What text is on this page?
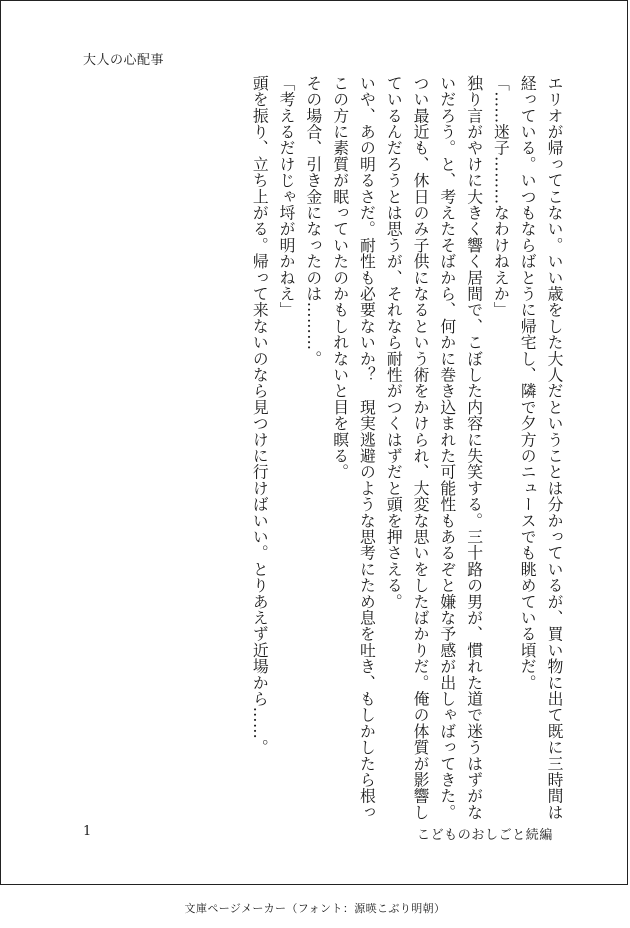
大人の心配事

エリオが帰ってこない。いい歳をした大人だということは分かっているが、買い物に出て既に三時間は経っている。いつもならばとうに帰宅し、隣で夕方のニュースでも眺めている頃だ。

「……迷子………なわけねえか」

独り言がやけに大きく響く居間で、こぼした内容に失笑する。三十路の男が、慣れた道で迷うはずがないだろう。と、考えたそばから、何かに巻き込まれた可能性もあるぞと嫌な予感が出しゃばってきた。

つい最近も、休日のみ子供になるという術をかけられ、大変な思いをしたばかりだ。俺の体質が影響しているんだろうとは思うが、それなら耐性がつくはずだと頭を押さえる。

いや、あの明るさだ。耐性も必要ないか？　現実逃避のような思考にため息を吐き、もしかしたら根っこの方に素質が眠っていたのかもしれないと目を瞑る。

その場合、引き金になったのは………。

「考えるだけじゃ埒が明かねえ」

頭を振り、立ち上がる。帰って来ないのなら見つけに行けばいい。とりあえず近場から……。

1	こどものおしごと続編
文庫ページメーカー（フォント：源暎こぶり明朝）
